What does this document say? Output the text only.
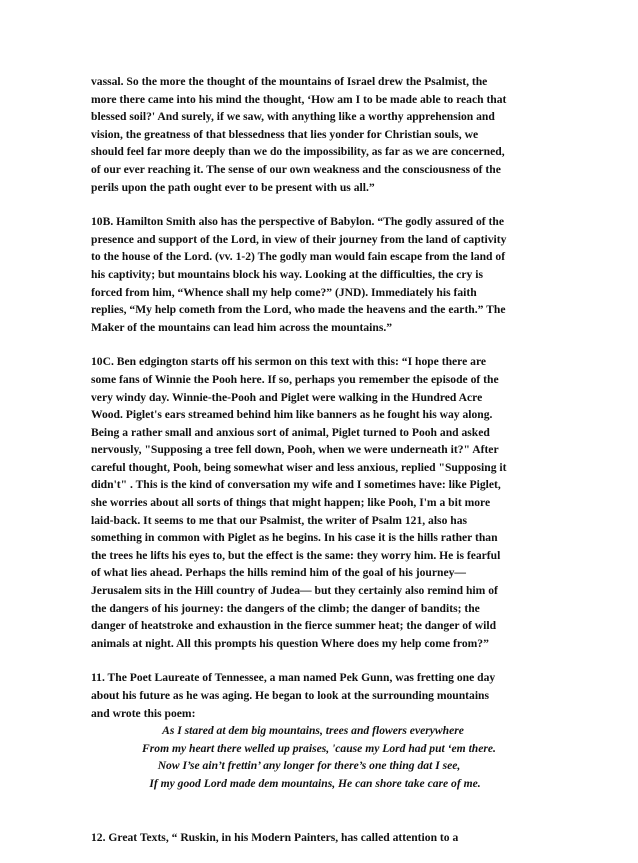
vassal. So the more the thought of the mountains of Israel drew the Psalmist, the
more there came into his mind the thought, ‘How am I to be made able to reach that
blessed soil?' And surely, if we saw, with anything like a worthy apprehension and
vision, the greatness of that blessedness that lies yonder for Christian souls, we
should feel far more deeply than we do the impossibility, as far as we are concerned,
of our ever reaching it. The sense of our own weakness and the consciousness of the
perils upon the path ought ever to be present with us all.”

10B. Hamilton Smith also has the perspective of Babylon. “The godly assured of the
presence and support of the Lord, in view of their journey from the land of captivity
to the house of the Lord. (vv. 1-2) The godly man would fain escape from the land of
his captivity; but mountains block his way. Looking at the difficulties, the cry is
forced from him, “Whence shall my help come?” (JND). Immediately his faith
replies, “My help cometh from the Lord, who made the heavens and the earth.” The
Maker of the mountains can lead him across the mountains.”

10C. Ben edgington starts off his sermon on this text with this: “I hope there are
some fans of Winnie the Pooh here. If so, perhaps you remember the episode of the
very windy day. Winnie-the-Pooh and Piglet were walking in the Hundred Acre
Wood. Piglet's ears streamed behind him like banners as he fought his way along.
Being a rather small and anxious sort of animal, Piglet turned to Pooh and asked
nervously, "Supposing a tree fell down, Pooh, when we were underneath it?" After
careful thought, Pooh, being somewhat wiser and less anxious, replied "Supposing it
didn't" . This is the kind of conversation my wife and I sometimes have: like Piglet,
she worries about all sorts of things that might happen; like Pooh, I'm a bit more
laid-back. It seems to me that our Psalmist, the writer of Psalm 121, also has
something in common with Piglet as he begins. In his case it is the hills rather than
the trees he lifts his eyes to, but the effect is the same: they worry him. He is fearful
of what lies ahead. Perhaps the hills remind him of the goal of his journey—
Jerusalem sits in the Hill country of Judea— but they certainly also remind him of
the dangers of his journey: the dangers of the climb; the danger of bandits; the
danger of heatstroke and exhaustion in the fierce summer heat; the danger of wild
animals at night. All this prompts his question Where does my help come from?”

11. The Poet Laureate of Tennessee, a man named Pek Gunn, was fretting one day
about his future as he was aging. He began to look at the surrounding mountains
and wrote this poem:

As I stared at dem big mountains, trees and flowers everywhere
From my heart there welled up praises, 'cause my Lord had put ‘em there.
Now I’se ain’t frettin’ any longer for there’s one thing dat I see,
If my good Lord made dem mountains, He can shore take care of me.

12. Great Texts, “ Ruskin, in his Modern Painters, has called attention to a
